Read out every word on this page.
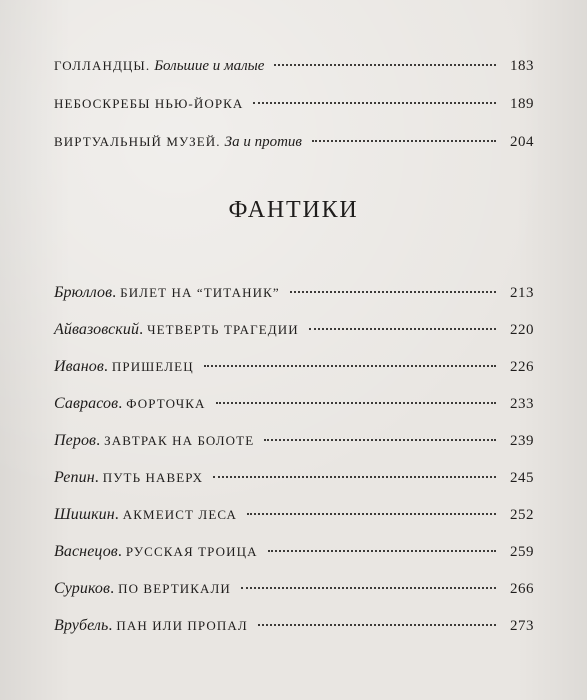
ГОЛЛАНДЦЫ. Большие и малые	183
НЕБОСКРЕБЫ НЬЮ-ЙОРКА	189
ВИРТУАЛЬНЫЙ МУЗЕЙ. За и против	204
ФАНТИКИ
Брюллов . БИЛЕТ НА “ТИТАНИК”	213
Айвазовский . ЧЕТВЕРТЬ ТРАГЕДИИ	220
Иванов . ПРИШЕЛЕЦ	226
Саврасов . ФОРТОЧКА	233
Перов . ЗАВТРАК НА БОЛОТЕ	239
Репин . ПУТЬ НАВЕРХ	245
Шишкин . АКМЕИСТ ЛЕСА	252
Васнецов . РУССКАЯ ТРОИЦА	259
Суриков . ПО ВЕРТИКАЛИ	266
Врубель . ПАН ИЛИ ПРОПАЛ	273
